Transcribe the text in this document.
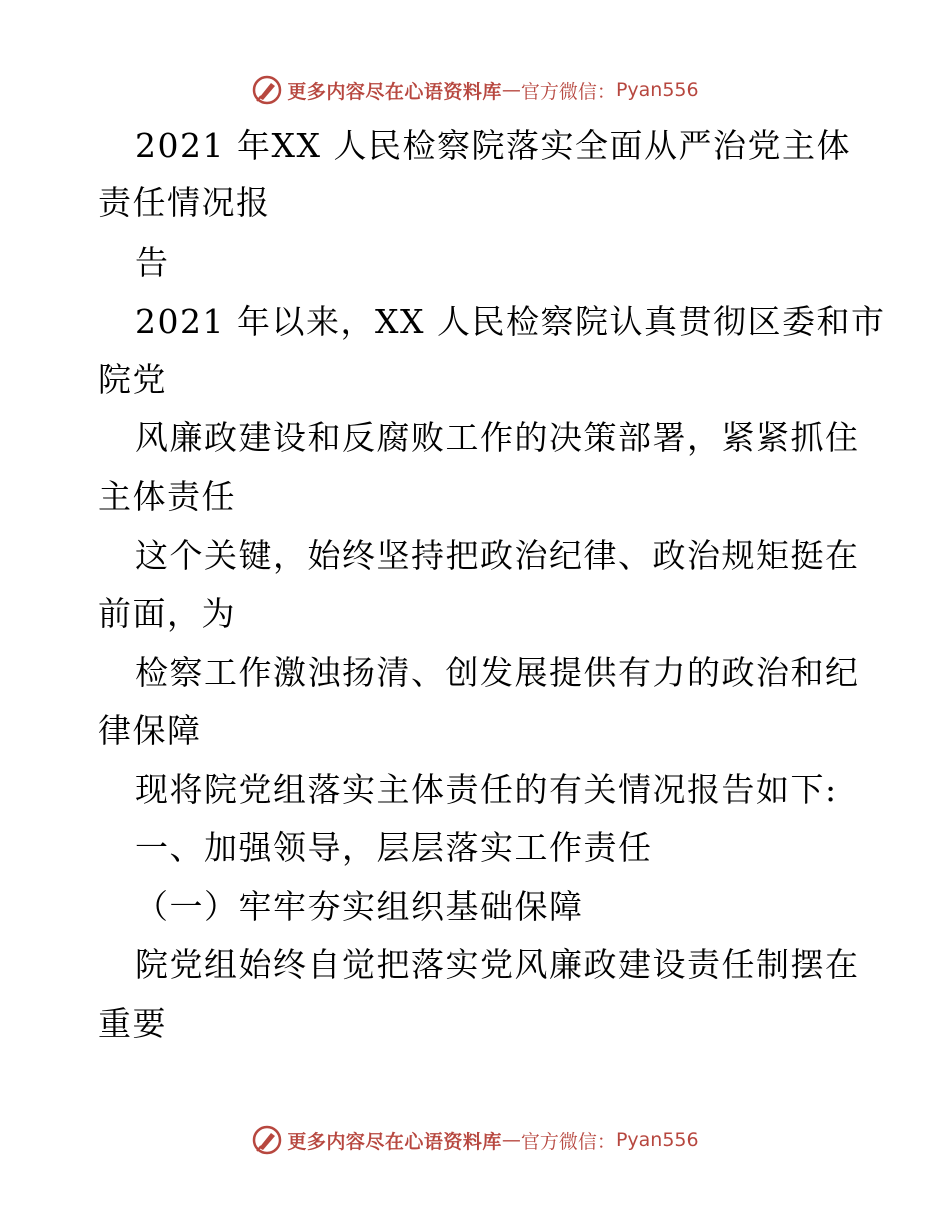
更多内容尽在心语资料库 — 官方微信： Pyan556
2021 年XX 人民检察院落实全面从严治党主体
责任情况报
告
2021 年以来，XX 人民检察院认真贯彻区委和市
院党
风廉政建设和反腐败工作的决策部署，紧紧抓住
主体责任
这个关键，始终坚持把政治纪律、政治规矩挺在
前面，为
检察工作激浊扬清、创发展提供有力的政治和纪
律保障
现将院党组落实主体责任的有关情况报告如下:
一、加强领导，层层落实工作责任
（一）牢牢夯实组织基础保障
院党组始终自觉把落实党风廉政建设责任制摆在
重要
更多内容尽在心语资料库 — 官方微信： Pyan556
